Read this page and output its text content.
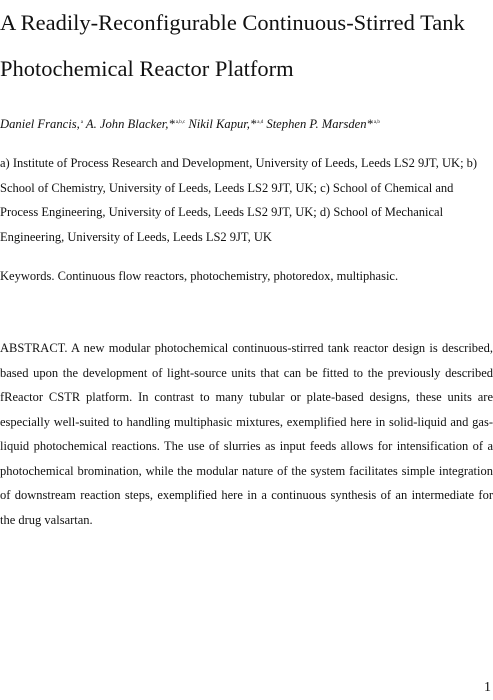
A Readily-Reconfigurable Continuous-Stirred Tank
Photochemical Reactor Platform

Daniel Francis,$^a$ A. John Blacker,*$^{a,b,c}$ Nikil Kapur,*$^{a,d}$ Stephen P. Marsden*$^{a,b}$

a) Institute of Process Research and Development, University of Leeds, Leeds LS2 9JT, UK; b)
School of Chemistry, University of Leeds, Leeds LS2 9JT, UK; c) School of Chemical and
Process Engineering, University of Leeds, Leeds LS2 9JT, UK; d) School of Mechanical
Engineering, University of Leeds, Leeds LS2 9JT, UK

Keywords. Continuous flow reactors, photochemistry, photoredox, multiphasic.

ABSTRACT. A new modular photochemical continuous-stirred tank reactor design is described,
based upon the development of light-source units that can be fitted to the previously described
fReactor CSTR platform. In contrast to many tubular or plate-based designs, these units are
especially well-suited to handling multiphasic mixtures, exemplified here in solid-liquid and gas-
liquid photochemical reactions. The use of slurries as input feeds allows for intensification of a
photochemical bromination, while the modular nature of the system facilitates simple integration
of downstream reaction steps, exemplified here in a continuous synthesis of an intermediate for
the drug valsartan.

1
